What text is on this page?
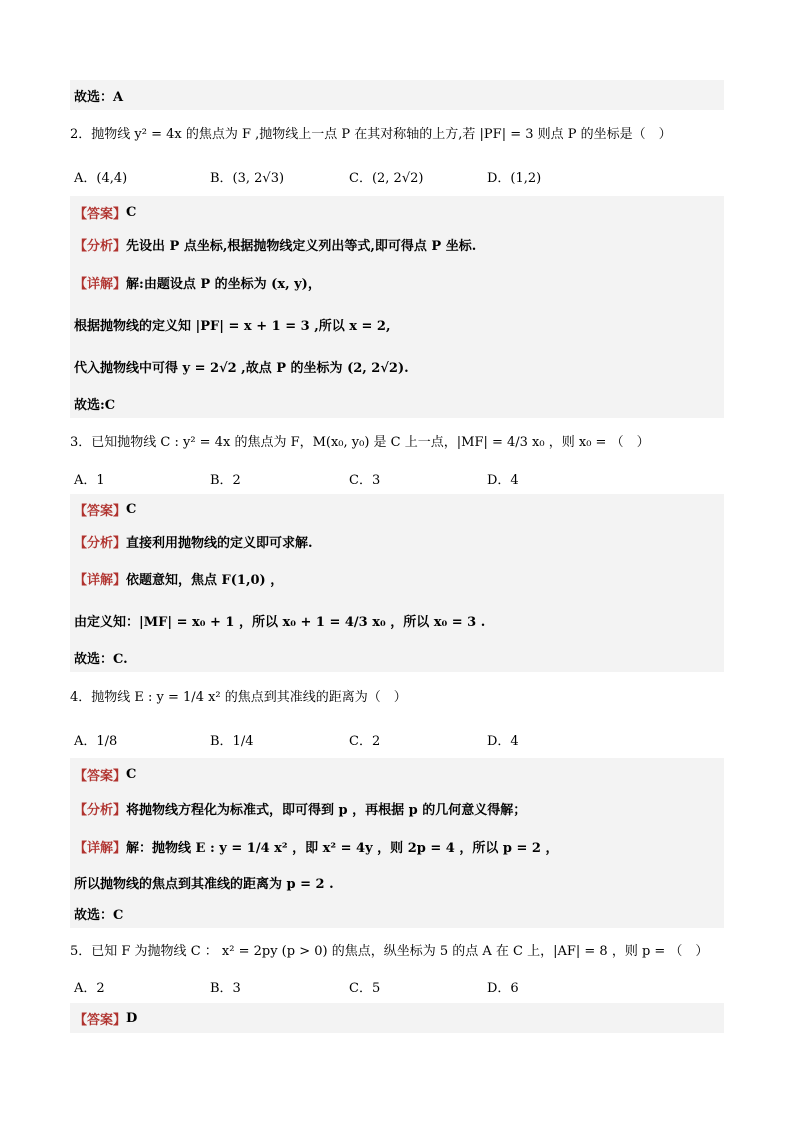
故选：A
2．抛物线 y² = 4x 的焦点为 F ,抛物线上一点 P 在其对称轴的上方,若 |PF| = 3 则点 P 的坐标是（　）
A．(4,4)	B．(3, 2√3)	C．(2, 2√2)	D．(1,2)
【答案】 C
【分析】 先设出 P 点坐标,根据抛物线定义列出等式,即可得点 P 坐标.
【详解】 解:由题设点 P 的坐标为 (x, y)，
根据抛物线的定义知 |PF| = x + 1 = 3 ,所以 x = 2,
代入抛物线中可得 y = 2√2 ,故点 P 的坐标为 (2, 2√2).
故选:C
3．已知抛物线 C : y² = 4x 的焦点为 F，M(x₀, y₀) 是 C 上一点，|MF| = 4/3 x₀ ，则 x₀ = （　）
A．1	B．2	C．3	D．4
【答案】 C
【分析】 直接利用抛物线的定义即可求解.
【详解】 依题意知，焦点 F(1,0) ，
由定义知：|MF| = x₀ + 1 ，所以 x₀ + 1 = 4/3 x₀ ，所以 x₀ = 3 .
故选：C.
4．抛物线 E : y = 1/4 x² 的焦点到其准线的距离为（　）
A．1/8	B．1/4	C．2	D．4
【答案】 C
【分析】 将抛物线方程化为标准式，即可得到 p ，再根据 p 的几何意义得解；
【详解】 解：抛物线 E : y = 1/4 x² ，即 x² = 4y ，则 2p = 4 ，所以 p = 2 ，
所以抛物线的焦点到其准线的距离为 p = 2 .
故选：C
5．已知 F 为抛物线 C ： x² = 2py (p > 0) 的焦点，纵坐标为 5 的点 A 在 C 上，|AF| = 8 ，则 p = （　）
A．2	B．3	C．5	D．6
【答案】 D
